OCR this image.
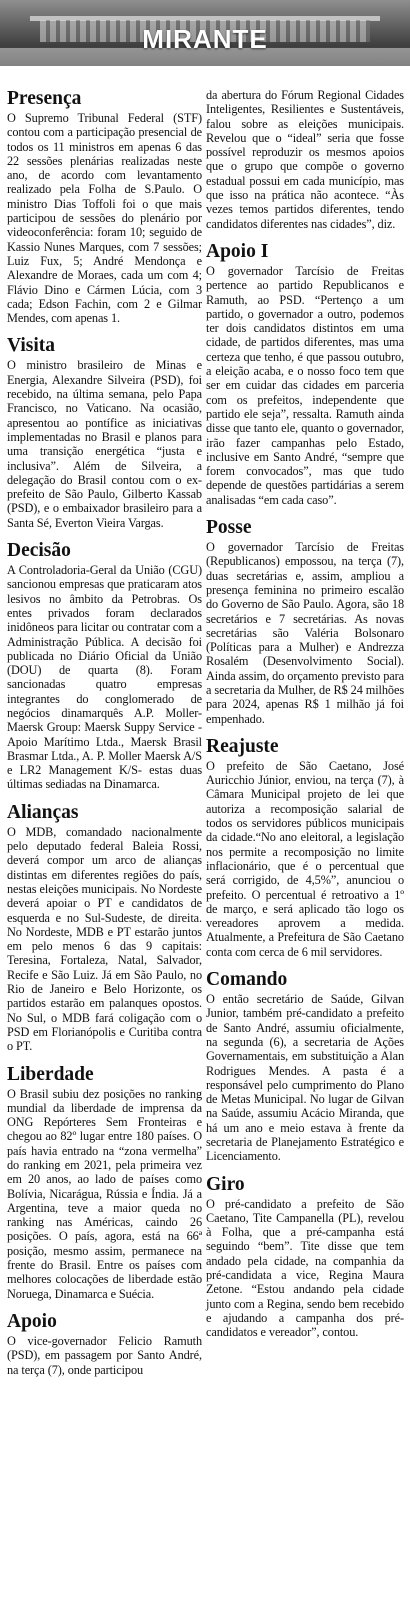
MIRANTE
Presença

O Supremo Tribunal Federal (STF) contou com a participação presencial de todos os 11 ministros em apenas 6 das 22 sessões plenárias realizadas neste ano, de acordo com levantamento realizado pela Folha de S.Paulo. O ministro Dias Toffoli foi o que mais participou de sessões do plenário por videoconferência: foram 10; seguido de Kassio Nunes Marques, com 7 sessões; Luiz Fux, 5; André Mendonça e Alexandre de Moraes, cada um com 4; Flávio Dino e Cármen Lúcia, com 3 cada; Edson Fachin, com 2 e Gilmar Mendes, com apenas 1.

Visita

O ministro brasileiro de Minas e Energia, Alexandre Silveira (PSD), foi recebido, na última semana, pelo Papa Francisco, no Vaticano. Na ocasião, apresentou ao pontífice as iniciativas implementadas no Brasil e planos para uma transição energética “justa e inclusiva”. Além de Silveira, a delegação do Brasil contou com o ex-prefeito de São Paulo, Gilberto Kassab (PSD), e o embaixador brasileiro para a Santa Sé, Everton Vieira Vargas.

Decisão

A Controladoria-Geral da União (CGU) sancionou empresas que praticaram atos lesivos no âmbito da Petrobras. Os entes privados foram declarados inidôneos para licitar ou contratar com a Administração Pública. A decisão foi publicada no Diário Oficial da União (DOU) de quarta (8). Foram sancionadas quatro empresas integrantes do conglomerado de negócios dinamarquês A.P. Moller-Maersk Group: Maersk Suppy Service - Apoio Marítimo Ltda., Maersk Brasil Brasmar Ltda., A. P. Moller Maersk A/S e LR2 Management K/S- estas duas últimas sediadas na Dinamarca.

Alianças

O MDB, comandado nacionalmente pelo deputado federal Baleia Rossi, deverá compor um arco de alianças distintas em diferentes regiões do país, nestas eleições municipais. No Nordeste deverá apoiar o PT e candidatos de esquerda e no Sul-Sudeste, de direita. No Nordeste, MDB e PT estarão juntos em pelo menos 6 das 9 capitais: Teresina, Fortaleza, Natal, Salvador, Recife e São Luiz. Já em São Paulo, no Rio de Janeiro e Belo Horizonte, os partidos estarão em palanques opostos. No Sul, o MDB fará coligação com o PSD em Florianópolis e Curitiba contra o PT.

Liberdade

O Brasil subiu dez posições no ranking mundial da liberdade de imprensa da ONG Repórteres Sem Fronteiras e chegou ao 82º lugar entre 180 países. O país havia entrado na “zona vermelha” do ranking em 2021, pela primeira vez em 20 anos, ao lado de países como Bolívia, Nicarágua, Rússia e Índia. Já a Argentina, teve a maior queda no ranking nas Américas, caindo 26 posições. O país, agora, está na 66ª posição, mesmo assim, permanece na frente do Brasil. Entre os países com melhores colocações de liberdade estão Noruega, Dinamarca e Suécia.

Apoio

O vice-governador Felicio Ramuth (PSD), em passagem por Santo André, na terça (7), onde participou

da abertura do Fórum Regional Cidades Inteligentes, Resilientes e Sustentáveis, falou sobre as eleições municipais. Revelou que o “ideal” seria que fosse possível reproduzir os mesmos apoios que o grupo que compõe o governo estadual possui em cada município, mas que isso na prática não acontece. “Às vezes temos partidos diferentes, tendo candidatos diferentes nas cidades”, diz.

Apoio I

O governador Tarcísio de Freitas pertence ao partido Republicanos e Ramuth, ao PSD. “Pertenço a um partido, o governador a outro, podemos ter dois candidatos distintos em uma cidade, de partidos diferentes, mas uma certeza que tenho, é que passou outubro, a eleição acaba, e o nosso foco tem que ser em cuidar das cidades em parceria com os prefeitos, independente que partido ele seja”, ressalta. Ramuth ainda disse que tanto ele, quanto o governador, irão fazer campanhas pelo Estado, inclusive em Santo André, “sempre que forem convocados”, mas que tudo depende de questões partidárias a serem analisadas “em cada caso”.

Posse

O governador Tarcísio de Freitas (Republicanos) empossou, na terça (7), duas secretárias e, assim, ampliou a presença feminina no primeiro escalão do Governo de São Paulo. Agora, são 18 secretários e 7 secretárias. As novas secretárias são Valéria Bolsonaro (Políticas para a Mulher) e Andrezza Rosalém (Desenvolvimento Social). Ainda assim, do orçamento previsto para a secretaria da Mulher, de R$ 24 milhões para 2024, apenas R$ 1 milhão já foi empenhado.

Reajuste

O prefeito de São Caetano, José Auricchio Júnior, enviou, na terça (7), à Câmara Municipal projeto de lei que autoriza a recomposição salarial de todos os servidores públicos municipais da cidade.“No ano eleitoral, a legislação nos permite a recomposição no limite inflacionário, que é o percentual que será corrigido, de 4,5%”, anunciou o prefeito. O percentual é retroativo a 1º de março, e será aplicado tão logo os vereadores aprovem a medida. Atualmente, a Prefeitura de São Caetano conta com cerca de 6 mil servidores.

Comando

O então secretário de Saúde, Gilvan Junior, também pré-candidato a prefeito de Santo André, assumiu oficialmente, na segunda (6), a secretaria de Ações Governamentais, em substituição a Alan Rodrigues Mendes. A pasta é a responsável pelo cumprimento do Plano de Metas Municipal. No lugar de Gilvan na Saúde, assumiu Acácio Miranda, que há um ano e meio estava à frente da secretaria de Planejamento Estratégico e Licenciamento.

Giro

O pré-candidato a prefeito de São Caetano, Tite Campanella (PL), revelou à Folha, que a pré-campanha está seguindo “bem”. Tite disse que tem andado pela cidade, na companhia da pré-candidata a vice, Regina Maura Zetone. “Estou andando pela cidade junto com a Regina, sendo bem recebido e ajudando a campanha dos pré-candidatos e vereador”, contou.
